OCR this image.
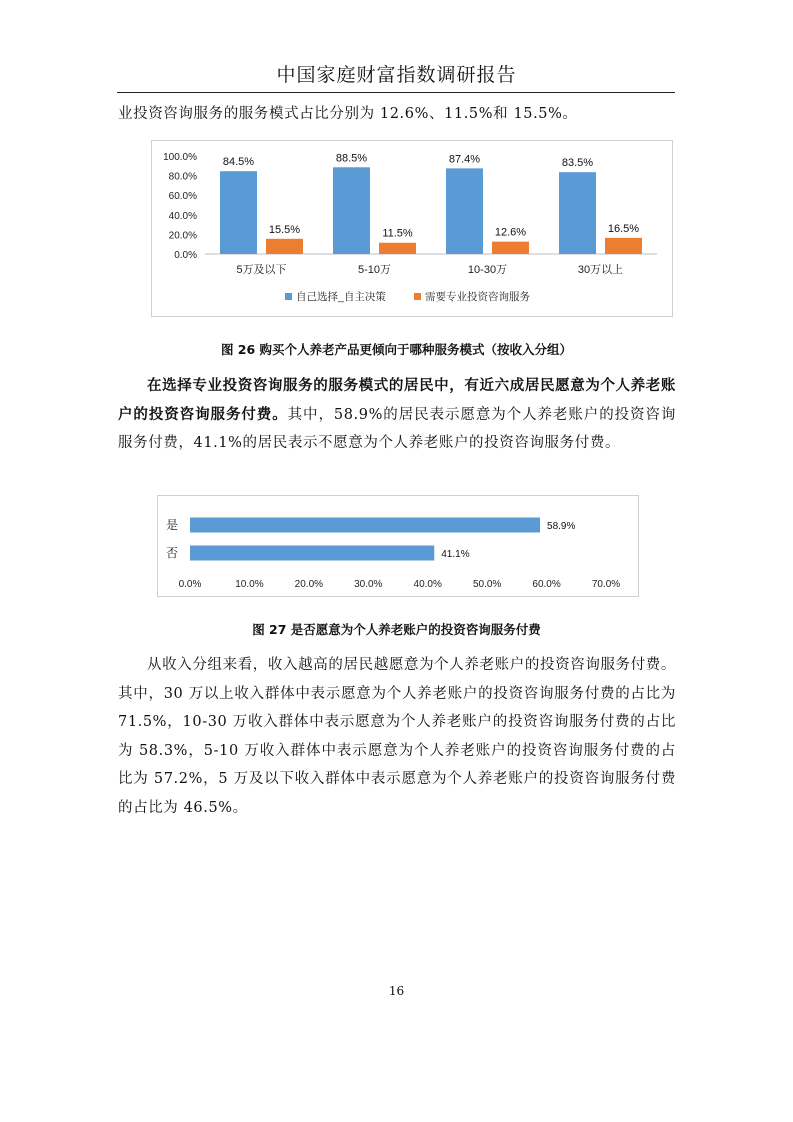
中国家庭财富指数调研报告

业投资咨询服务的服务模式占比分别为 12.6%、11.5%和 15.5%。

0.0%
20.0%
40.0%
60.0%
80.0%
100.0% 84.5%
15.5%
88.5%
11.5%
87.4%
12.6%
83.5%
16.5%
5万及以下	5-10万	10-30万	30万以上
自己选择_自主决策	需要专业投资咨询服务
图 26 购买个人养老产品更倾向于哪种服务模式（按收入分组）

在选择专业投资咨询服务的服务模式的居民中，有近六成居民愿意为个人养老账户的投资咨询服务付费。其中，58.9%的居民表示愿意为个人养老账户的投资咨询服务付费，41.1%的居民表示不愿意为个人养老账户的投资咨询服务付费。

是
否
58.9%
41.1%
0.0%	10.0%	20.0%	30.0%	40.0%	50.0%	60.0%	70.0%
图 27 是否愿意为个人养老账户的投资咨询服务付费

从收入分组来看，收入越高的居民越愿意为个人养老账户的投资咨询服务付费。其中，30 万以上收入群体中表示愿意为个人养老账户的投资咨询服务付费的占比为 71.5%，10-30 万收入群体中表示愿意为个人养老账户的投资咨询服务付费的占比为 58.3%，5-10 万收入群体中表示愿意为个人养老账户的投资咨询服务付费的占比为 57.2%，5 万及以下收入群体中表示愿意为个人养老账户的投资咨询服务付费的占比为 46.5%。

16
